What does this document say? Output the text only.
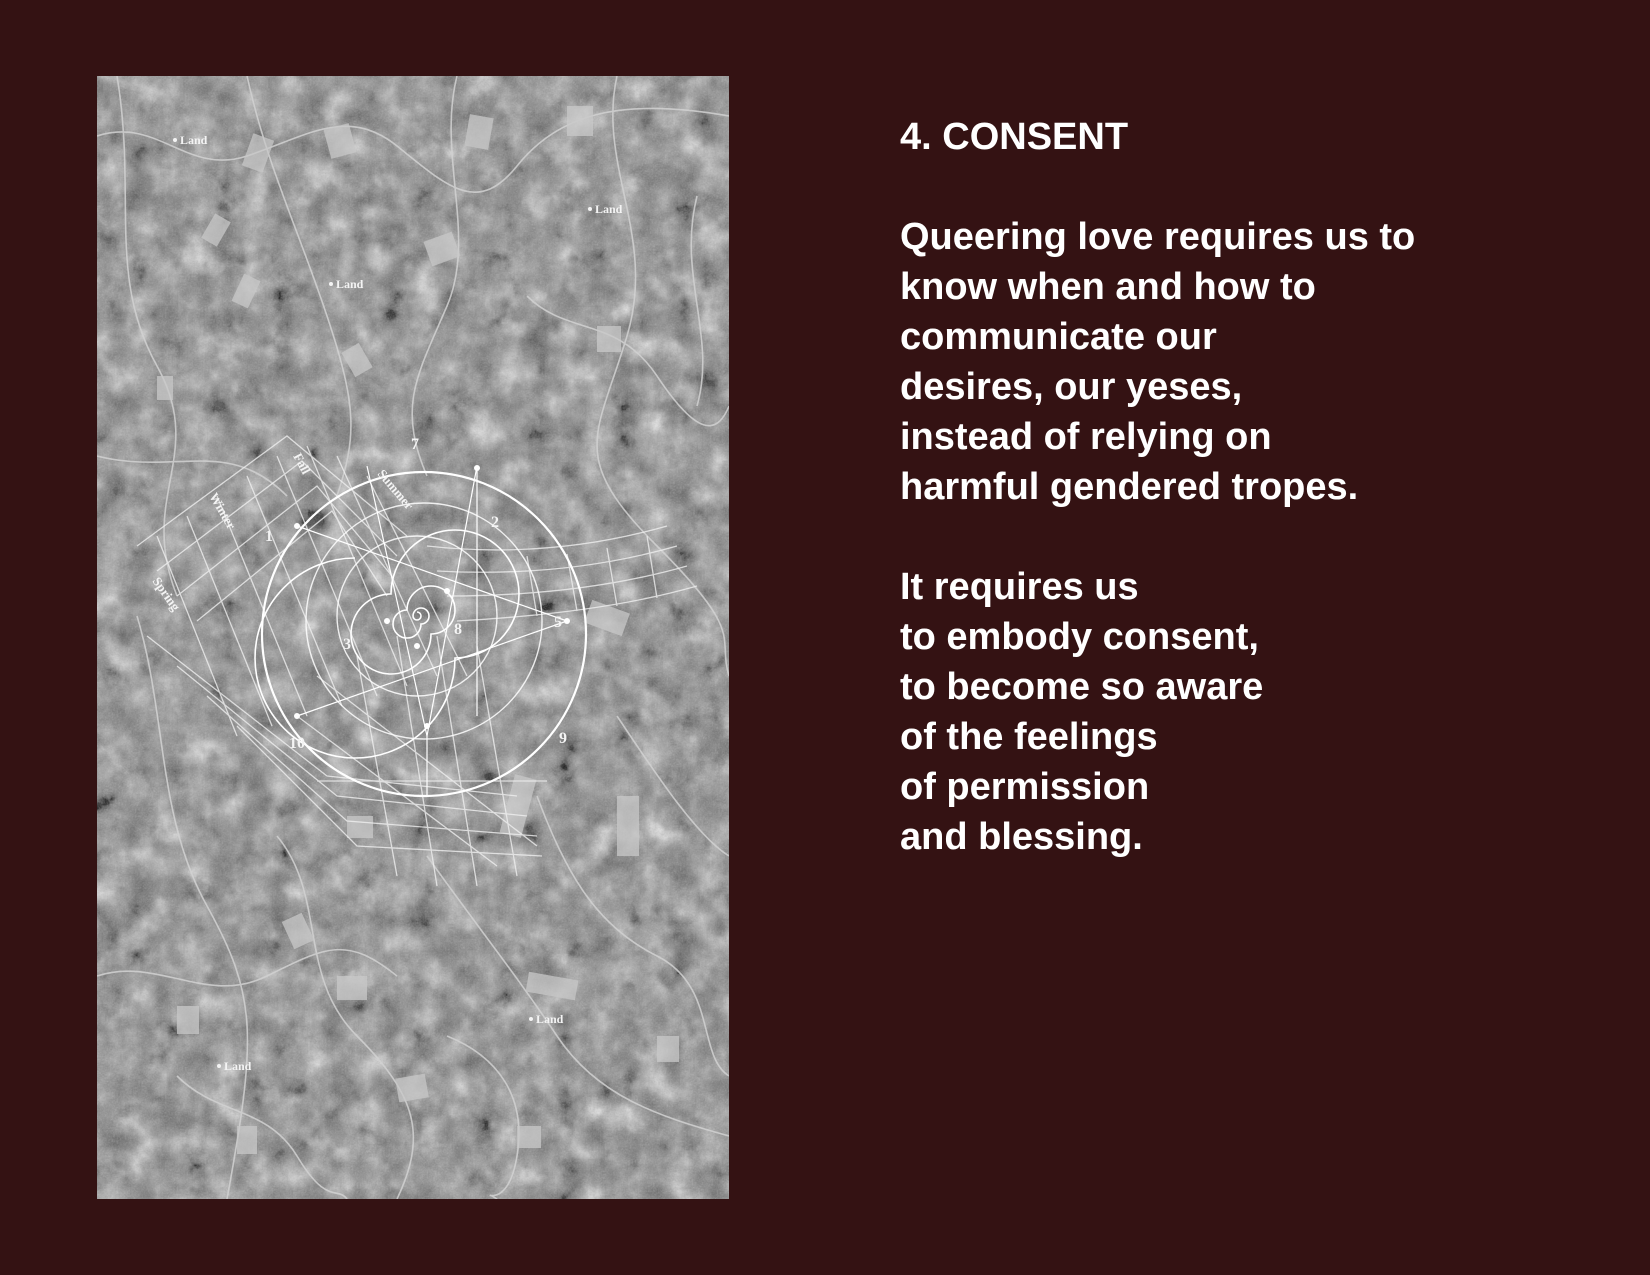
Land
Land
Land
Land
Land
Fall
Summer
Winter
Spring
1
2
3
5
7
8
9
10
4. CONSENT
Queering love requires us to
know when and how to
communicate our
desires, our yeses,
instead of relying on
harmful gendered tropes.
It requires us
to embody consent,
to become so aware
of the feelings
of permission
and blessing.
